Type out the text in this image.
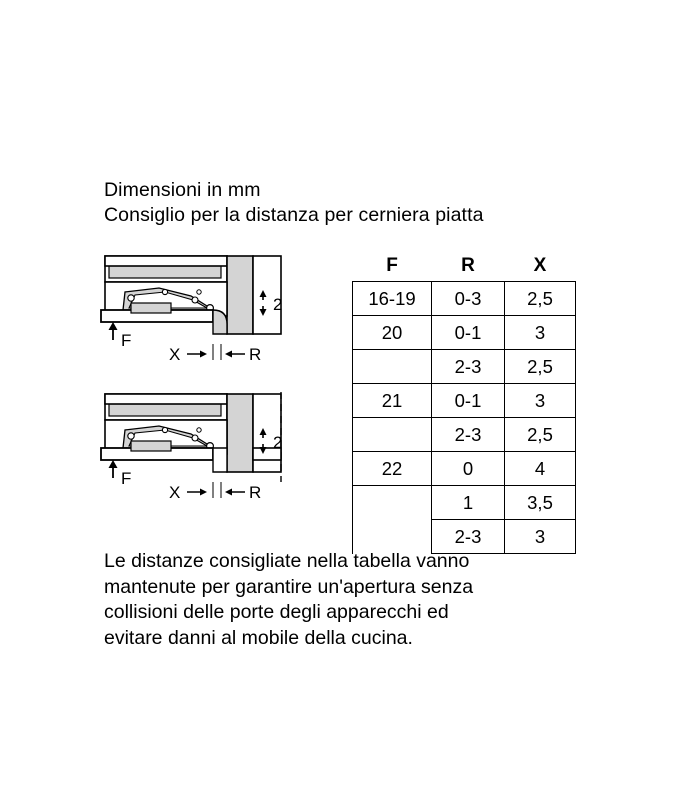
Dimensioni in mm
Consiglio per la distanza per cerniera piatta
F
2
X	R
F
2
X	R
F	R	X
16-19	0-3	2,5
20	0-1	3
	2-3	2,5
21	0-1	3
	2-3	2,5
22	0	4
	1	3,5
	2-3	3
Le distanze consigliate nella tabella vanno
mantenute per garantire un'apertura senza
collisioni delle porte degli apparecchi ed
evitare danni al mobile della cucina.
